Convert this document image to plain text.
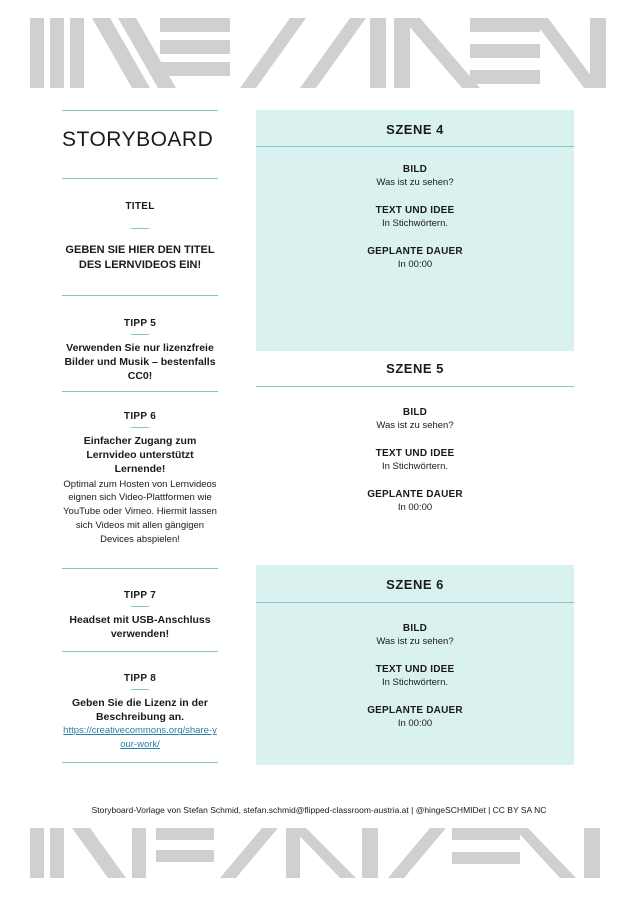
STORYBOARD
TITEL
GEBEN SIE HIER DEN TITEL DES LERNVIDEOS EIN!
TIPP 5
Verwenden Sie nur lizenzfreie Bilder und Musik – bestenfalls CC0!
TIPP 6
Einfacher Zugang zum Lernvideo unterstützt Lernende!
Optimal zum Hosten von Lernvideos eignen sich Video-Plattformen wie YouTube oder Vimeo. Hiermit lassen sich Videos mit allen gängigen Devices abspielen!
TIPP 7
Headset mit USB-Anschluss verwenden!
TIPP 8
Geben Sie die Lizenz in der Beschreibung an.
https://creativecommons.org/share-your-work/
SZENE 4
BILD
Was ist zu sehen?
TEXT UND IDEE
In Stichwörtern.
GEPLANTE DAUER
In 00:00
SZENE 5
BILD
Was ist zu sehen?
TEXT UND IDEE
In Stichwörtern.
GEPLANTE DAUER
In 00:00
SZENE 6
BILD
Was ist zu sehen?
TEXT UND IDEE
In Stichwörtern.
GEPLANTE DAUER
In 00:00
Storyboard-Vorlage von Stefan Schmid, stefan.schmid@flipped-classroom-austria.at | @hingeSCHMIDet | CC BY SA NC
